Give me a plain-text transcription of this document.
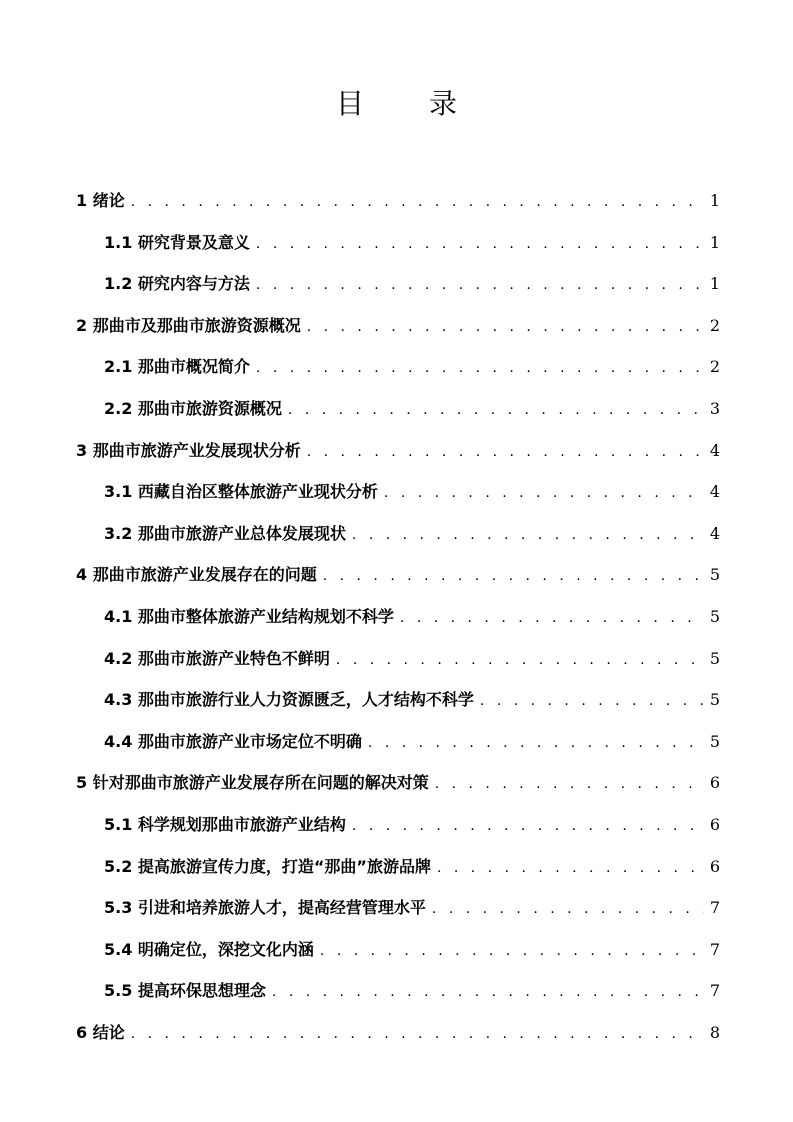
目 录
1 绪论 . . .	1
1.1 研究背景及意义 . . .	1
1.2 研究内容与方法 . . .	1
2 那曲市及那曲市旅游资源概况 . . .	2
2.1 那曲市概况简介 . . .	2
2.2 那曲市旅游资源概况 . . .	3
3 那曲市旅游产业发展现状分析 . . .	4
3.1 西藏自治区整体旅游产业现状分析 . . .	4
3.2 那曲市旅游产业总体发展现状 . . .	4
4 那曲市旅游产业发展存在的问题 . . .	5
4.1 那曲市整体旅游产业结构规划不科学 . . .	5
4.2 那曲市旅游产业特色不鲜明 . . .	5
4.3 那曲市旅游行业人力资源匮乏，人才结构不科学 . . .	5
4.4 那曲市旅游产业市场定位不明确 . . .	5
5 针对那曲市旅游产业发展存所在问题的解决对策 . . .	6
5.1 科学规划那曲市旅游产业结构 . . .	6
5.2 提高旅游宣传力度，打造“那曲”旅游品牌 . . .	6
5.3 引进和培养旅游人才，提高经营管理水平 . . .	7
5.4 明确定位，深挖文化内涵 . . .	7
5.5 提高环保思想理念 . . .	7
6 结论 . . .	8
